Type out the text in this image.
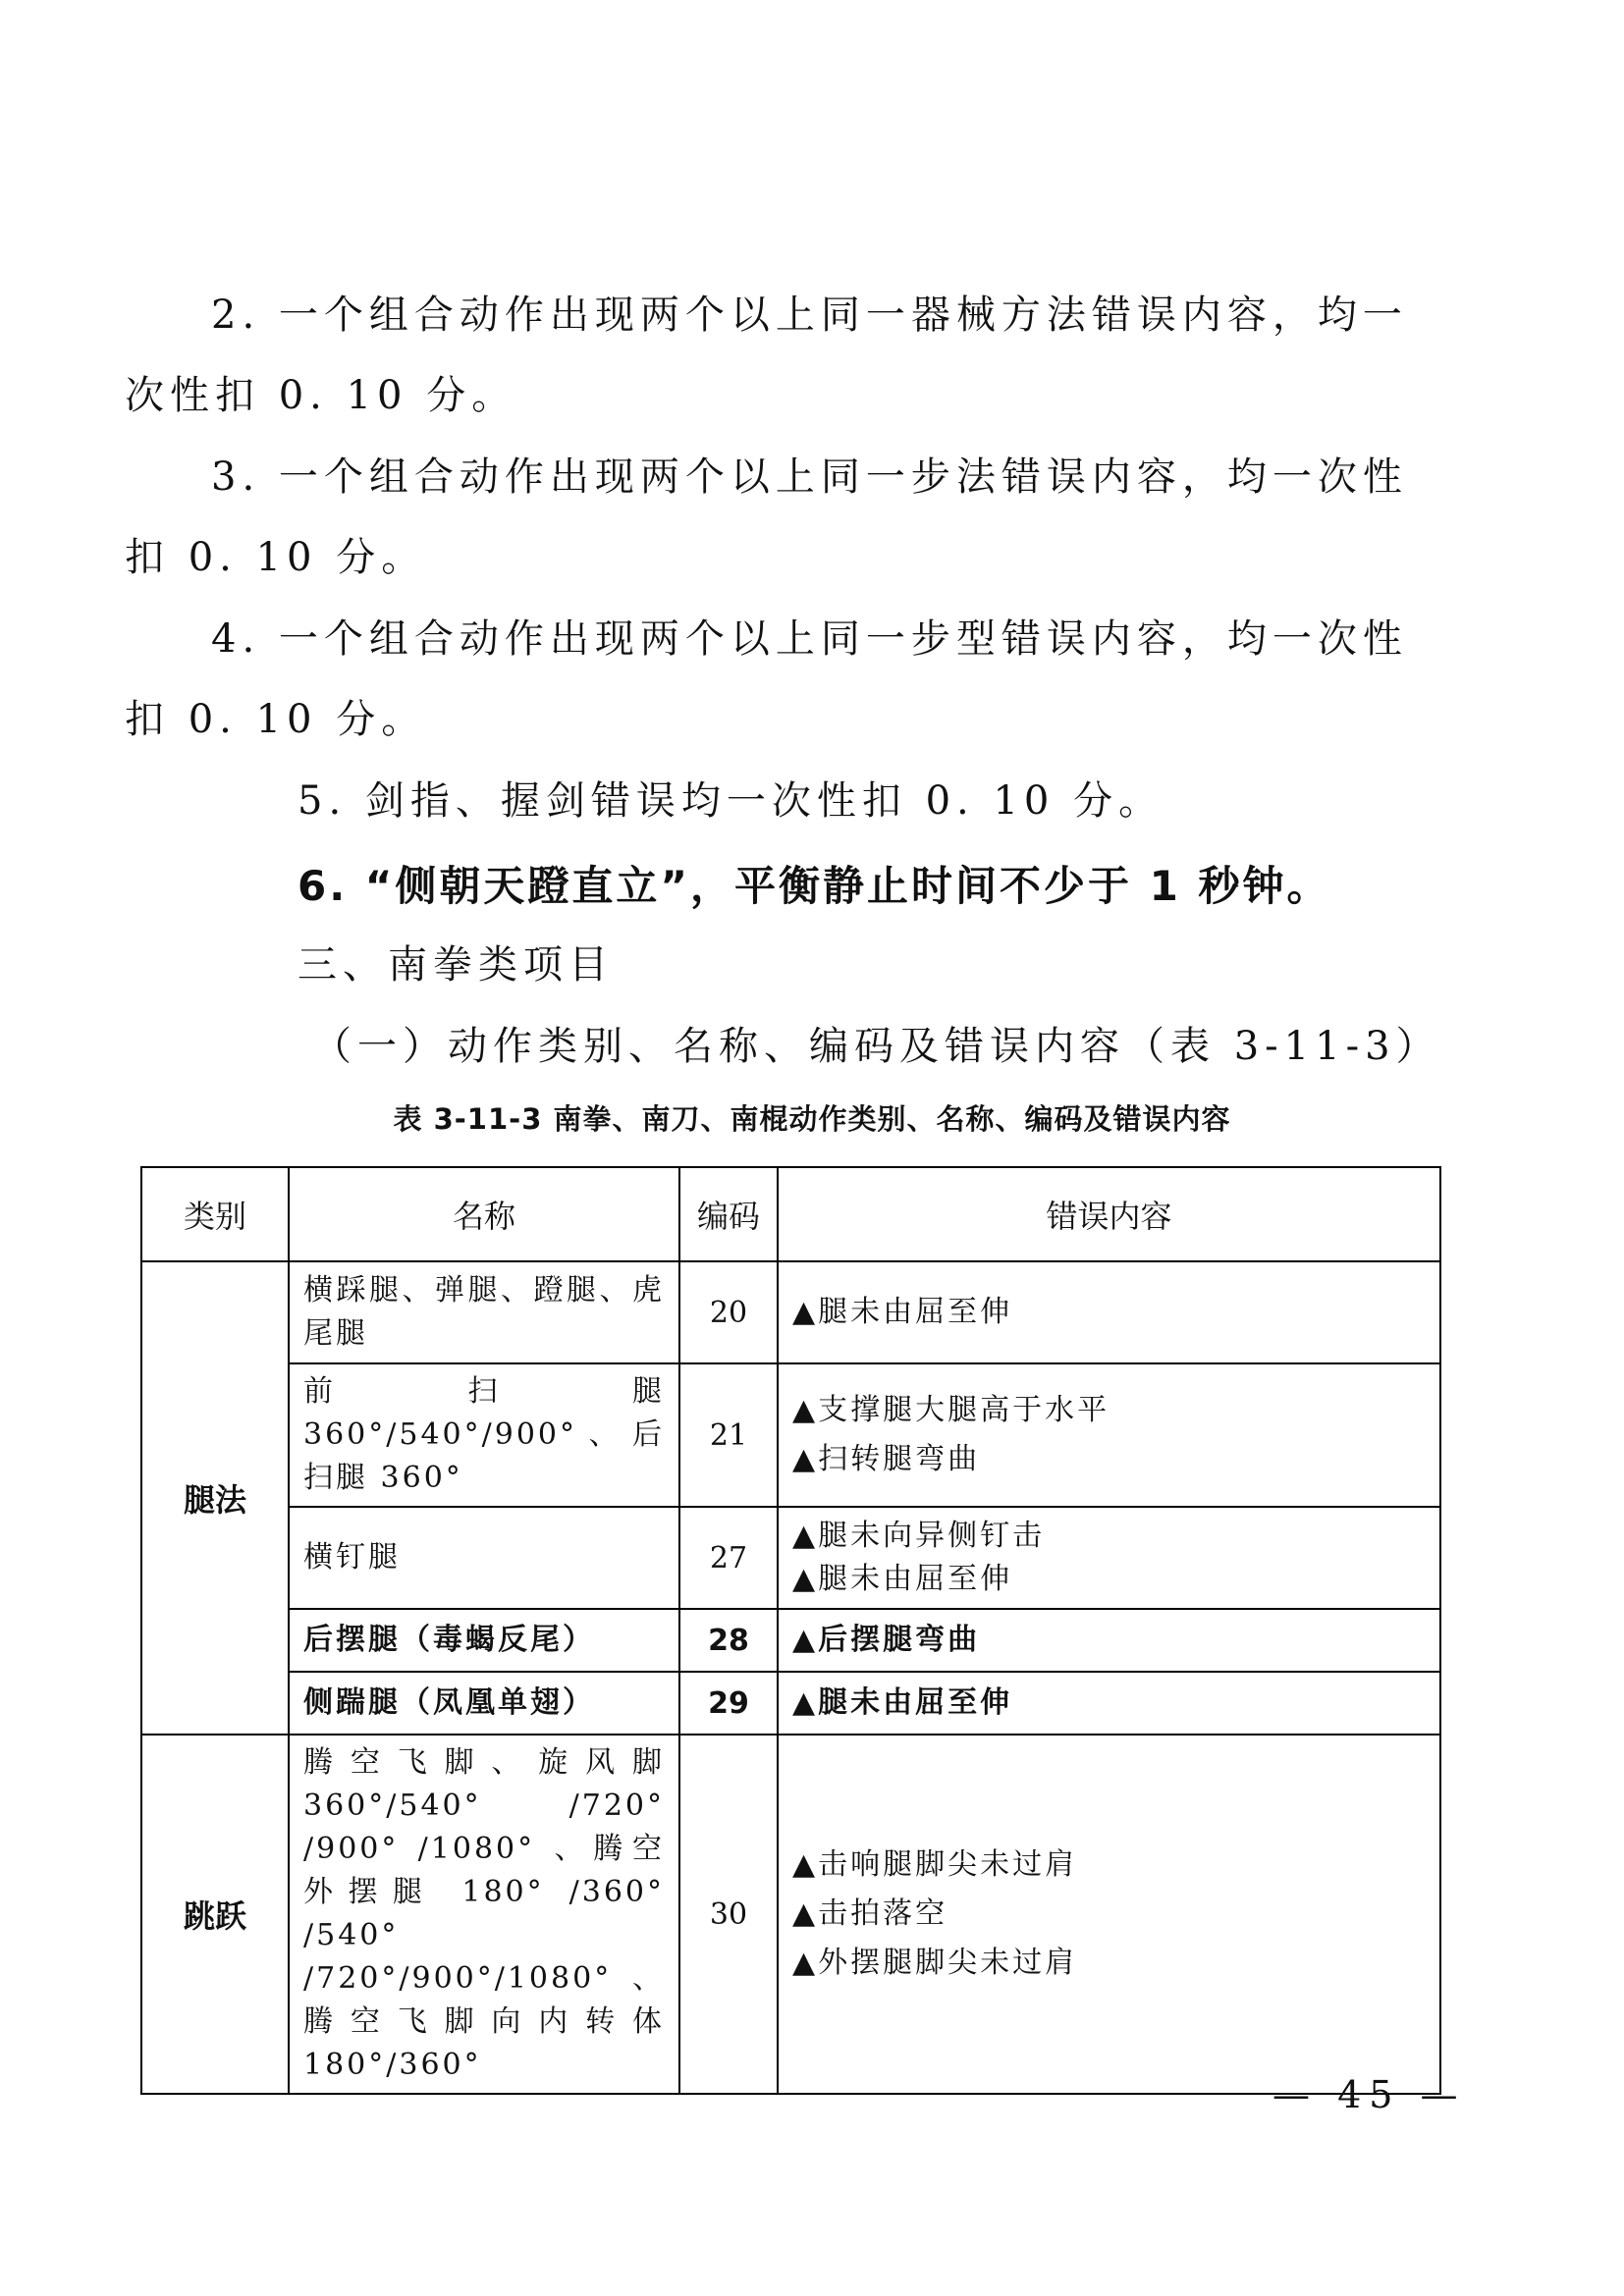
2. 一个组合动作出现两个以上同一器械方法错误内容，均一
次性扣 0. 10 分。
3. 一个组合动作出现两个以上同一步法错误内容，均一次性
扣 0. 10 分。
4. 一个组合动作出现两个以上同一步型错误内容，均一次性
扣 0. 10 分。
5. 剑指、握剑错误均一次性扣 0. 10 分。
6. “侧朝天蹬直立”，平衡静止时间不少于 1 秒钟。
三、南拳类项目
（一）动作类别、名称、编码及错误内容（表 3-11-3）
表 3-11-3 南拳、南刀、南棍动作类别、名称、编码及错误内容
类别	名称	编码	错误内容
腿法	横踩腿、弹腿、蹬腿、虎尾腿	20	▲腿未由屈至伸

	前扫腿 360°/540°/900°、后扫腿 360°	21	▲支撑腿大腿高于水平
▲扫转腿弯曲

	横钉腿	27	▲腿未向异侧钉击
▲腿未由屈至伸

	后摆腿（毒蝎反尾）	28	▲后摆腿弯曲

	侧踹腿（凤凰单翅）	29	▲腿未由屈至伸

跳跃	腾空飞脚、旋风脚 360°/540° /720° /900° /1080° 、腾空外摆腿 180° /360° /540° /720°/900°/1080°、腾空飞脚向内转体 180°/360°	30	▲击响腿脚尖未过肩
▲击拍落空
▲外摆腿脚尖未过肩
— 45 —
